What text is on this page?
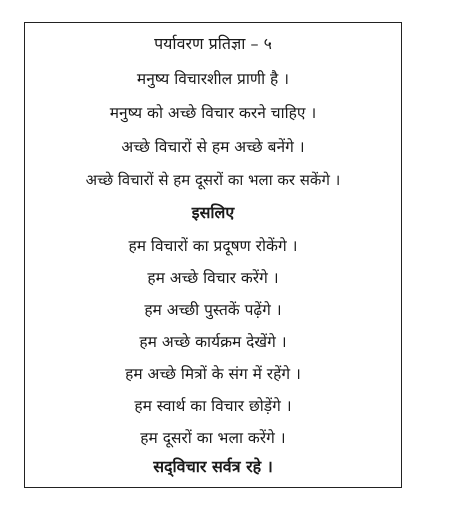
पर्यावरण प्रतिज्ञा – ५
मनुष्य विचारशील प्राणी है ।
मनुष्य को अच्छे विचार करने चाहिए ।
अच्छे विचारों से हम अच्छे बनेंगे ।
अच्छे विचारों से हम दूसरों का भला कर सकेंगे ।
इसलिए
हम विचारों का प्रदूषण रोकेंगे ।
हम अच्छे विचार करेंगे ।
हम अच्छी पुस्तकें पढ़ेंगे ।
हम अच्छे कार्यक्रम देखेंगे ।
हम अच्छे मित्रों के संग में रहेंगे ।
हम स्वार्थ का विचार छोड़ेंगे ।
हम दूसरों का भला करेंगे ।
सद्‌विचार सर्वत्र रहे ।
